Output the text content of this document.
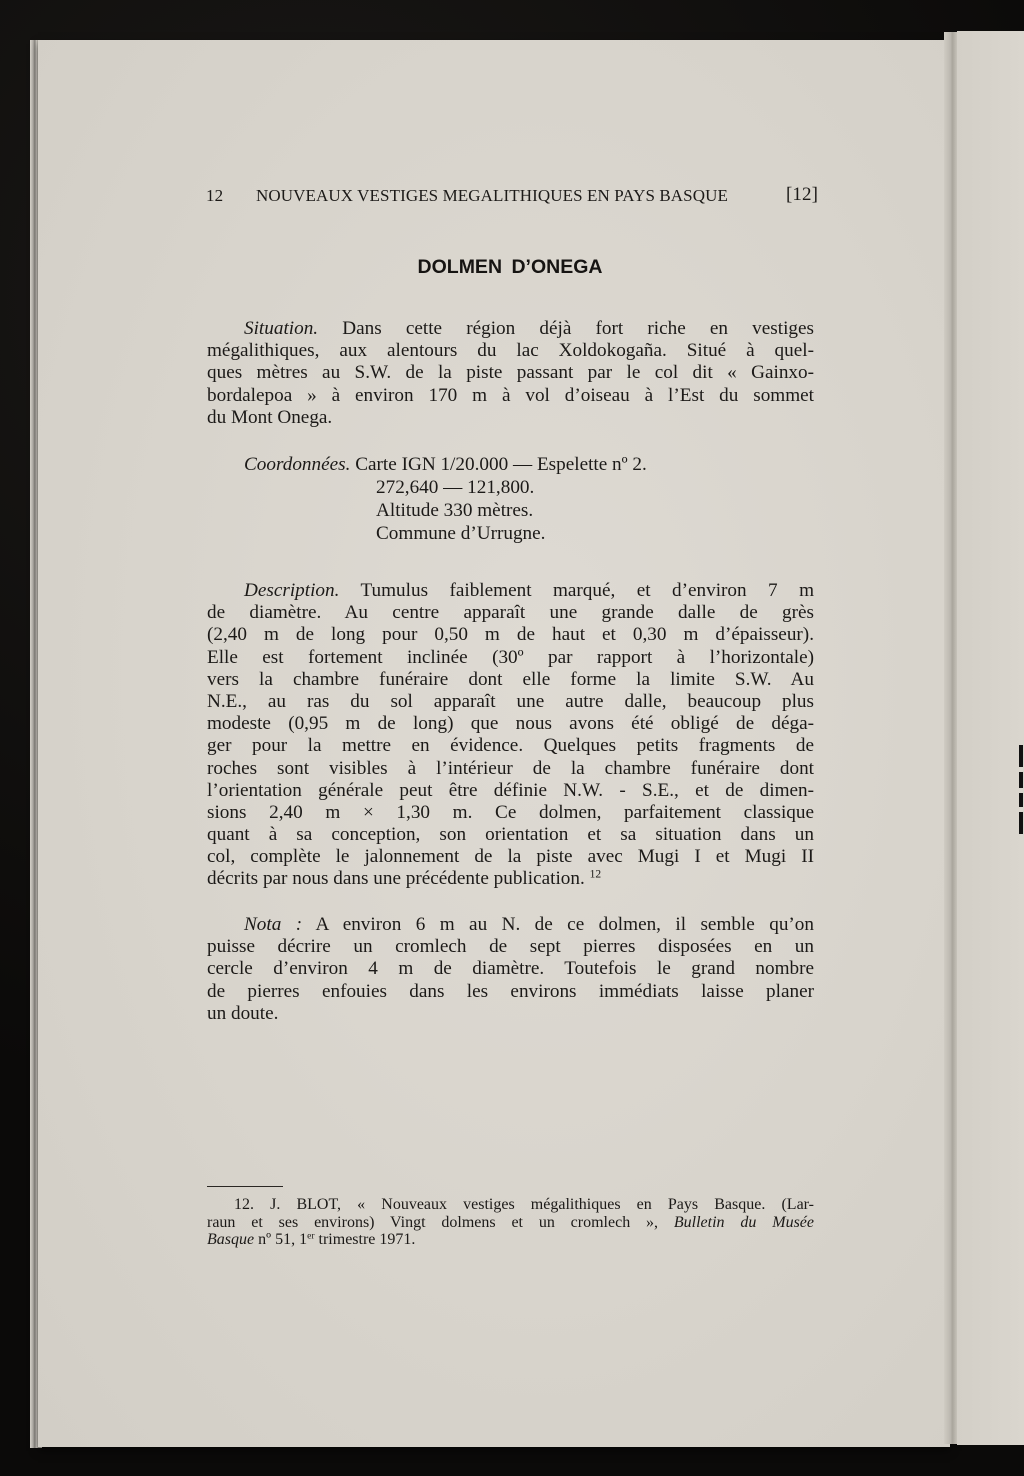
12 NOUVEAUX VESTIGES MEGALITHIQUES EN PAYS BASQUE	[12]
DOLMEN D’ONEGA
Situation. Dans cette région déjà fort riche en vestiges
mégalithiques, aux alentours du lac Xoldokogaña. Situé à quel-
ques mètres au S.W. de la piste passant par le col dit « Gainxo-
bordalepoa » à environ 170 m à vol d’oiseau à l’Est du sommet
du Mont Onega.
Coordonnées. Carte IGN 1/20.000 — Espelette nº 2.
272,640 — 121,800.
Altitude 330 mètres.
Commune d’Urrugne.
Description. Tumulus faiblement marqué, et d’environ 7 m
de diamètre. Au centre apparaît une grande dalle de grès
(2,40 m de long pour 0,50 m de haut et 0,30 m d’épaisseur).
Elle est fortement inclinée (30º par rapport à l’horizontale)
vers la chambre funéraire dont elle forme la limite S.W. Au
N.E., au ras du sol apparaît une autre dalle, beaucoup plus
modeste (0,95 m de long) que nous avons été obligé de déga-
ger pour la mettre en évidence. Quelques petits fragments de
roches sont visibles à l’intérieur de la chambre funéraire dont
l’orientation générale peut être définie N.W. - S.E., et de dimen-
sions 2,40 m × 1,30 m. Ce dolmen, parfaitement classique
quant à sa conception, son orientation et sa situation dans un
col, complète le jalonnement de la piste avec Mugi I et Mugi II
décrits par nous dans une précédente publication. $^{12}$
Nota : A environ 6 m au N. de ce dolmen, il semble qu’on
puisse décrire un cromlech de sept pierres disposées en un
cercle d’environ 4 m de diamètre. Toutefois le grand nombre
de pierres enfouies dans les environs immédiats laisse planer
un doute.
12. J. BLOT, « Nouveaux vestiges mégalithiques en Pays Basque. (Lar-
raun et ses environs) Vingt dolmens et un cromlech », Bulletin du Musée
Basque nº 51, 1er trimestre 1971.
